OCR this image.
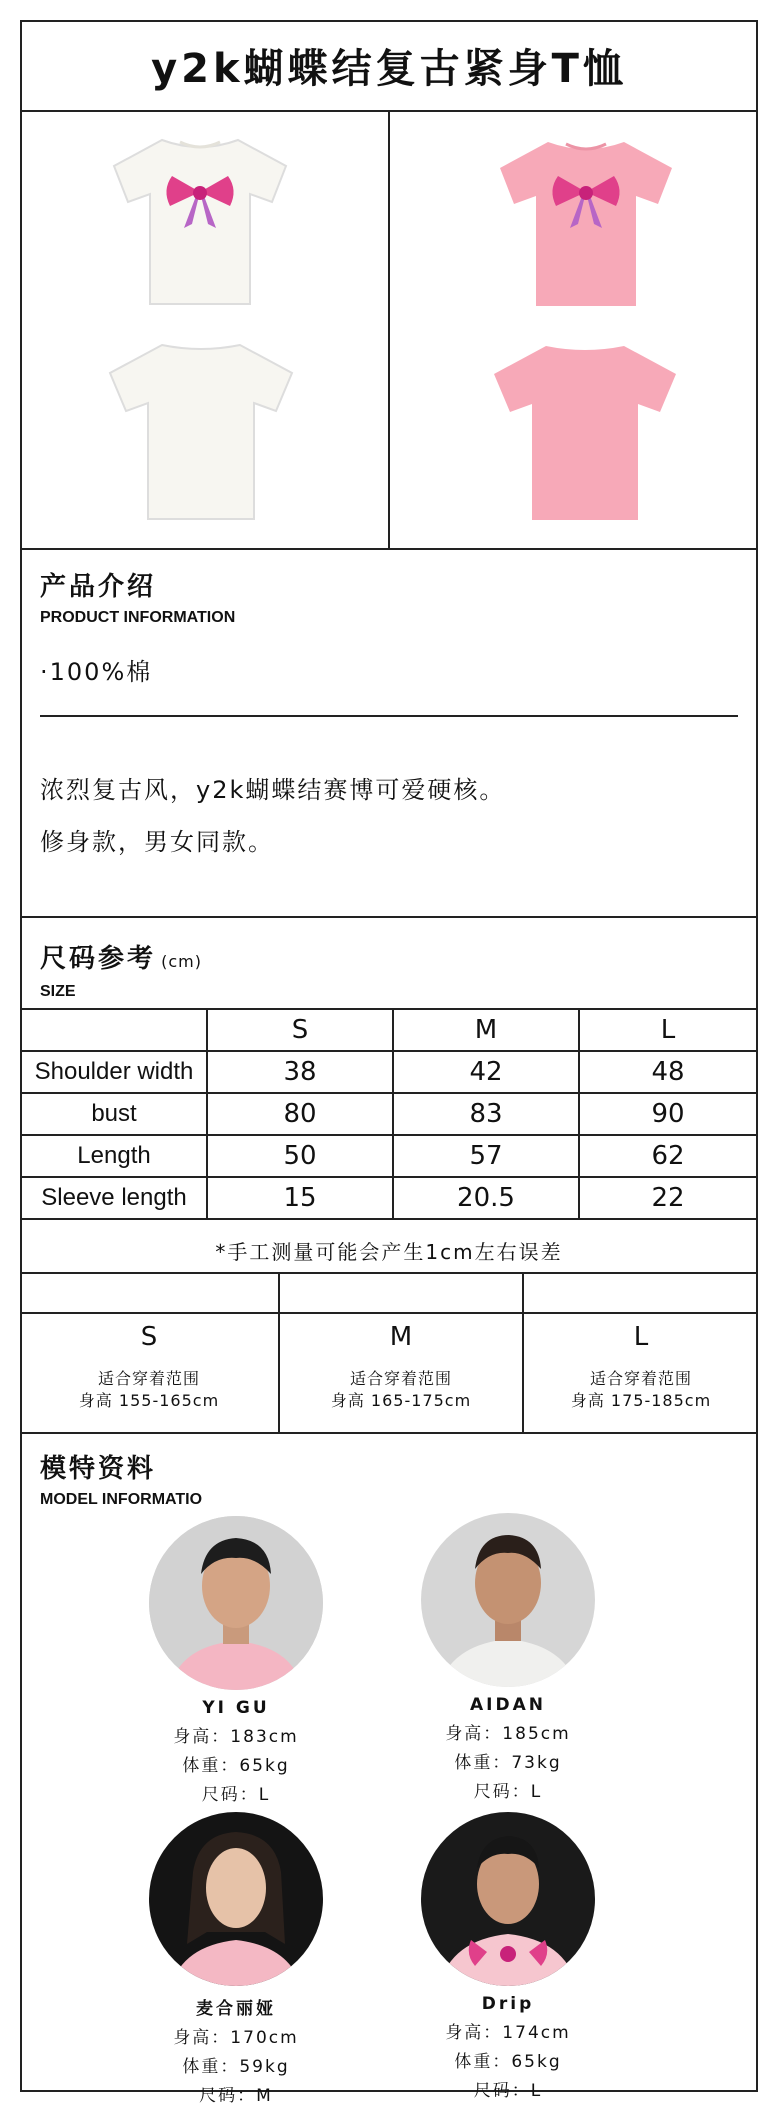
y2k蝴蝶结复古紧身T恤
产品介绍
PRODUCT INFORMATION
·100%棉
浓烈复古风，y2k蝴蝶结赛博可爱硬核。
修身款，男女同款。
尺码参考 (cm)
SIZE
	S	M	L
Shoulder width	38	42	48
bust	80	83	90
Length	50	57	62
Sleeve length	15	20.5	22
*手工测量可能会产生1cm左右误差
S
适合穿着范围
身高 155-165cm
M
适合穿着范围
身高 165-175cm
L
适合穿着范围
身高 175-185cm
模特资料
MODEL INFORMATIO
YI GU
身高：183cm
体重：65kg
尺码：L
AIDAN
身高：185cm
体重：73kg
尺码：L
麦合丽娅
身高：170cm
体重：59kg
尺码：M
Drip
身高：174cm
体重：65kg
尺码：L
